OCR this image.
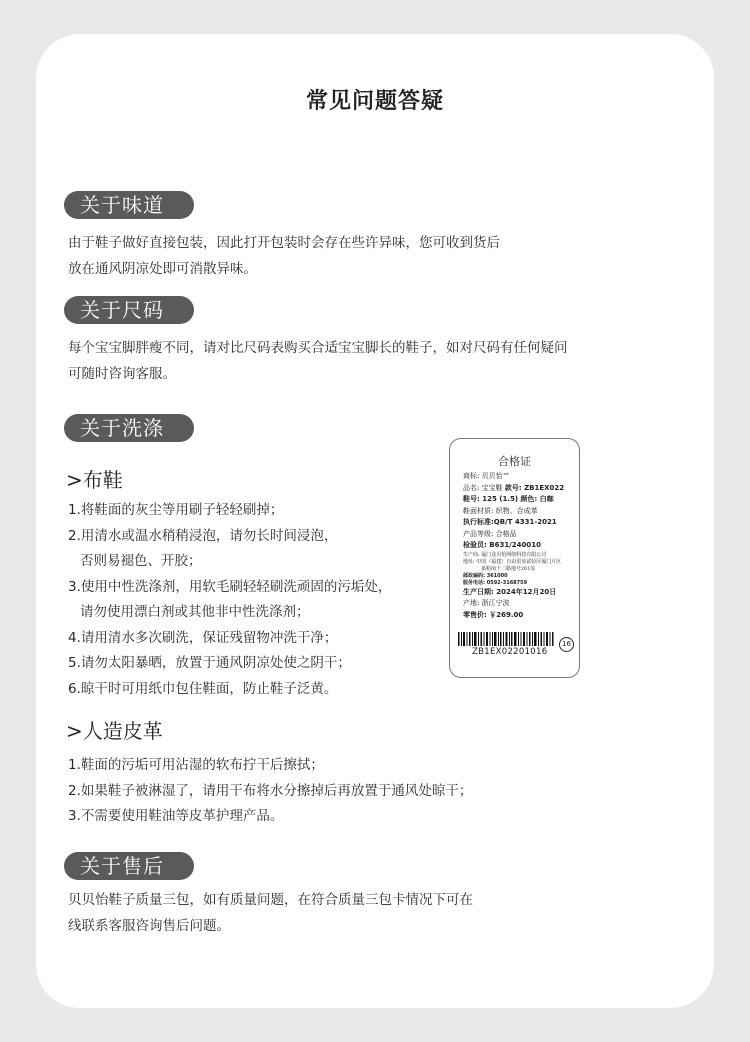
常见问题答疑
关于味道
由于鞋子做好直接包装，因此打开包装时会存在些许异味，您可收到货后
放在通风阴凉处即可消散异味。
关于尺码
每个宝宝脚胖瘦不同，请对比尺码表购买合适宝宝脚长的鞋子，如对尺码有任何疑问
可随时咨询客服。
关于洗涤
>布鞋
1.将鞋面的灰尘等用刷子轻轻刷掉；
2.用清水或温水稍稍浸泡，请勿长时间浸泡，
否则易褪色、开胶；
3.使用中性洗涤剂，用软毛刷轻轻刷洗顽固的污垢处，
请勿使用漂白剂或其他非中性洗涤剂；
4.请用清水多次刷洗，保证残留物冲洗干净；
5.请勿太阳暴晒，放置于通风阴凉处使之阴干；
6.晾干时可用纸巾包住鞋面，防止鞋子泛黄。
>人造皮革
1.鞋面的污垢可用沾湿的软布拧干后擦拭；
2.如果鞋子被淋湿了，请用干布将水分擦掉后再放置于通风处晾干；
3.不需要使用鞋油等皮革护理产品。
合格证
商标: 贝贝怡™
品名: 宝宝鞋 款号: ZB1EX022
鞋号: 125 (1.5) 颜色: 白咖
鞋面材质: 织物、合成革
执行标准:QB/T 4331-2021
产品等级: 合格品
检验员: B631/240010
生产商: 厦门彦贝怡网络科技有限公司
地址: 中国（福建）自由贸易试验区厦门片区
嘉峪南十二路地号201室
邮政编码: 361000
服务电话: 0592-3168759
生产日期: 2024年12月20日
产地: 浙江宁波
零售价: ￥269.00
ZB1EX02201016
16
关于售后
贝贝怡鞋子质量三包，如有质量问题，在符合质量三包卡情况下可在
线联系客服咨询售后问题。
